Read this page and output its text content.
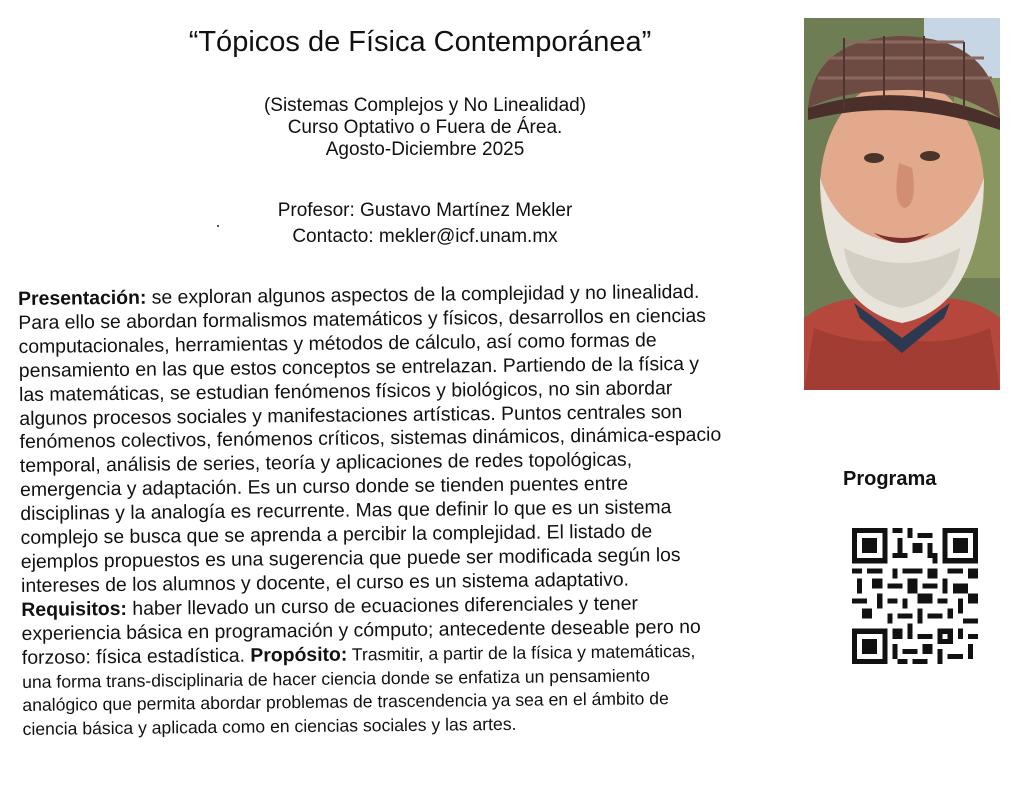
“Tópicos de Física Contemporánea”
(Sistemas Complejos y No Linealidad)
Curso Optativo o Fuera de Área.
Agosto-Diciembre 2025
Profesor: Gustavo Martínez Mekler
Contacto: mekler@icf.unam.mx
Programa
Presentación: se exploran algunos aspectos de la complejidad y no linealidad.
Para ello se abordan formalismos matemáticos y físicos, desarrollos en ciencias
computacionales, herramientas y métodos de cálculo, así como formas de
pensamiento en las que estos conceptos se entrelazan. Partiendo de la física y
las matemáticas, se estudian fenómenos físicos y biológicos, no sin abordar
algunos procesos sociales y manifestaciones artísticas. Puntos centrales son
fenómenos colectivos, fenómenos críticos, sistemas dinámicos, dinámica-espacio
temporal, análisis de series, teoría y aplicaciones de redes topológicas,
emergencia y adaptación. Es un curso donde se tienden puentes entre
disciplinas y la analogía es recurrente. Mas que definir lo que es un sistema
complejo se busca que se aprenda a percibir la complejidad. El listado de
ejemplos propuestos es una sugerencia que puede ser modificada según los
intereses de los alumnos y docente, el curso es un sistema adaptativo.
Requisitos: haber llevado un curso de ecuaciones diferenciales y tener
experiencia básica en programación y cómputo; antecedente deseable pero no
forzoso: física estadística. Propósito: Trasmitir, a partir de la física y matemáticas,
una forma trans-disciplinaria de hacer ciencia donde se enfatiza un pensamiento
analógico que permita abordar problemas de trascendencia ya sea en el ámbito de
ciencia básica y aplicada como en ciencias sociales y las artes.
